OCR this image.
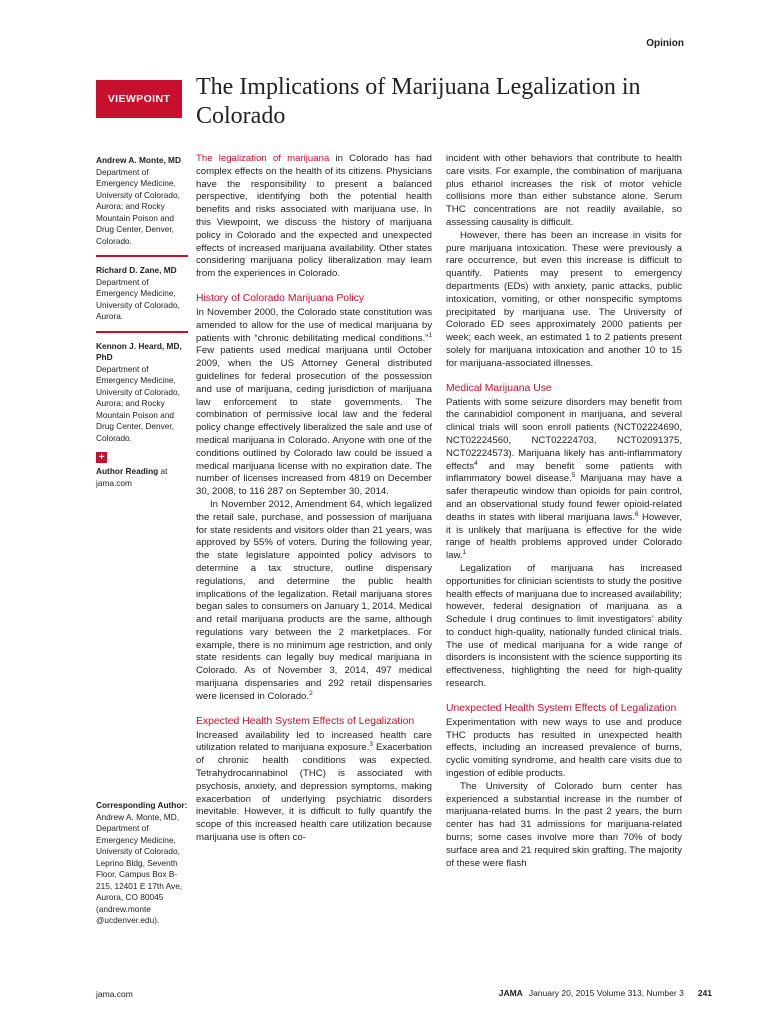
Opinion
VIEWPOINT	The Implications of Marijuana Legalization in Colorado
Andrew A. Monte, MD
Department of Emergency Medicine, University of Colorado, Aurora; and Rocky Mountain Poison and Drug Center, Denver, Colorado.
Richard D. Zane, MD
Department of Emergency Medicine, University of Colorado, Aurora.
Kennon J. Heard, MD, PhD
Department of Emergency Medicine, University of Colorado, Aurora; and Rocky Mountain Poison and Drug Center, Denver, Colorado.
+
Author Reading at jama.com
Corresponding Author: Andrew A. Monte, MD, Department of Emergency Medicine, University of Colorado, Leprino Bldg, Seventh Floor, Campus Box B-215, 12401 E 17th Ave, Aurora, CO 80045 (andrew.monte @ucdenver.edu).

The legalization of marijuana in Colorado has had complex effects on the health of its citizens. Physicians have the responsibility to present a balanced perspective, identifying both the potential health benefits and risks associated with marijuana use. In this Viewpoint, we discuss the history of marijuana policy in Colorado and the expected and unexpected effects of increased marijuana availability. Other states considering marijuana policy liberalization may learn from the experiences in Colorado.

History of Colorado Marijuana Policy

In November 2000, the Colorado state constitution was amended to allow for the use of medical marijuana by patients with “chronic debilitating medical conditions.”$^1$ Few patients used medical marijuana until October 2009, when the US Attorney General distributed guidelines for federal prosecution of the possession and use of marijuana, ceding jurisdiction of marijuana law enforcement to state governments. The combination of permissive local law and the federal policy change effectively liberalized the sale and use of medical marijuana in Colorado. Anyone with one of the conditions outlined by Colorado law could be issued a medical marijuana license with no expiration date. The number of licenses increased from 4819 on December 30, 2008, to 116 287 on September 30, 2014.

In November 2012, Amendment 64, which legalized the retail sale, purchase, and possession of marijuana for state residents and visitors older than 21 years, was approved by 55% of voters. During the following year, the state legislature appointed policy advisors to determine a tax structure, outline dispensary regulations, and determine the public health implications of the legalization. Retail marijuana stores began sales to consumers on January 1, 2014. Medical and retail marijuana products are the same, although regulations vary between the 2 marketplaces. For example, there is no minimum age restriction, and only state residents can legally buy medical marijuana in Colorado. As of November 3, 2014, 497 medical marijuana dispensaries and 292 retail dispensaries were licensed in Colorado.$^2$

Expected Health System Effects of Legalization

Increased availability led to increased health care utilization related to marijuana exposure.$^3$ Exacerbation of chronic health conditions was expected. Tetrahydrocannabinol (THC) is associated with psychosis, anxiety, and depression symptoms, making exacerbation of underlying psychiatric disorders inevitable. However, it is difficult to fully quantify the scope of this increased health care utilization because marijuana use is often co-

incident with other behaviors that contribute to health care visits. For example, the combination of marijuana plus ethanol increases the risk of motor vehicle collisions more than either substance alone. Serum THC concentrations are not readily available, so assessing causality is difficult.

However, there has been an increase in visits for pure marijuana intoxication. These were previously a rare occurrence, but even this increase is difficult to quantify. Patients may present to emergency departments (EDs) with anxiety, panic attacks, public intoxication, vomiting, or other nonspecific symptoms precipitated by marijuana use. The University of Colorado ED sees approximately 2000 patients per week; each week, an estimated 1 to 2 patients present solely for marijuana intoxication and another 10 to 15 for marijuana-associated illnesses.

Medical Marijuana Use

Patients with some seizure disorders may benefit from the cannabidiol component in marijuana, and several clinical trials will soon enroll patients (NCT02224690, NCT02224560, NCT02224703, NCT02091375, NCT02224573). Marijuana likely has anti-inflammatory effects$^4$ and may benefit some patients with inflammatory bowel disease.$^5$ Marijuana may have a safer therapeutic window than opioids for pain control, and an observational study found fewer opioid-related deaths in states with liberal marijuana laws.$^6$ However, it is unlikely that marijuana is effective for the wide range of health problems approved under Colorado law.$^1$

Legalization of marijuana has increased opportunities for clinician scientists to study the positive health effects of marijuana due to increased availability; however, federal designation of marijuana as a Schedule I drug continues to limit investigators’ ability to conduct high-quality, nationally funded clinical trials. The use of medical marijuana for a wide range of disorders is inconsistent with the science supporting its effectiveness, highlighting the need for high-quality research.

Unexpected Health System Effects of Legalization

Experimentation with new ways to use and produce THC products has resulted in unexpected health effects, including an increased prevalence of burns, cyclic vomiting syndrome, and health care visits due to ingestion of edible products.

The University of Colorado burn center has experienced a substantial increase in the number of marijuana-related burns. In the past 2 years, the burn center has had 31 admissions for marijuana-related burns; some cases involve more than 70% of body surface area and 21 required skin grafting. The majority of these were flash

jama.com	JAMA January 20, 2015 Volume 313, Number 3 241
